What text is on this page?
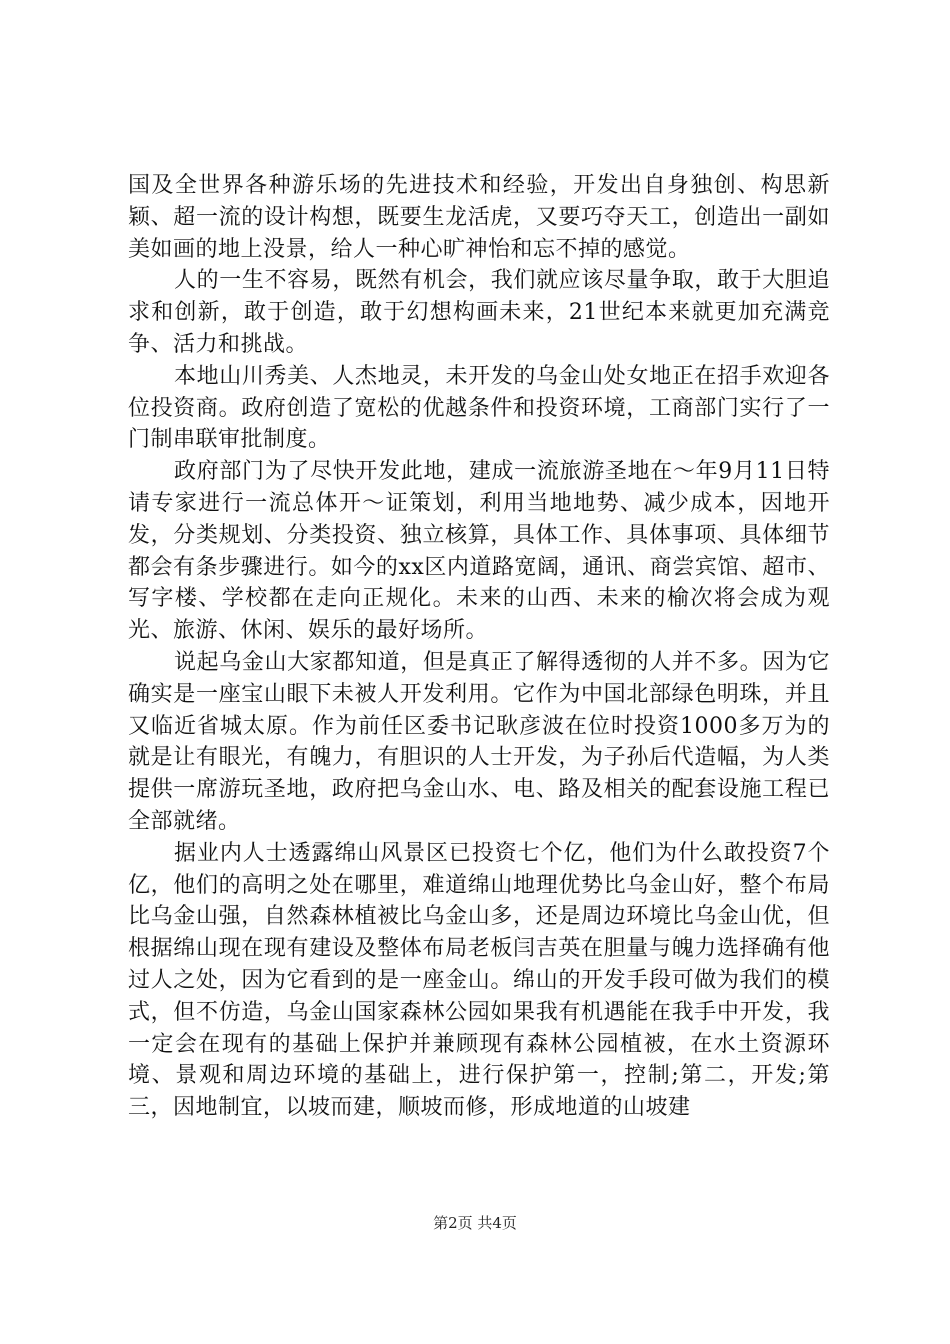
国及全世界各种游乐场的先进技术和经验，开发出自身独创、构思新颖、超一流的设计构想，既要生龙活虎，又要巧夺天工，创造出一副如美如画的地上没景，给人一种心旷神怡和忘不掉的感觉。

人的一生不容易，既然有机会，我们就应该尽量争取，敢于大胆追求和创新，敢于创造，敢于幻想构画未来，21世纪本来就更加充满竞争、活力和挑战。

本地山川秀美、人杰地灵，未开发的乌金山处女地正在招手欢迎各位投资商。政府创造了宽松的优越条件和投资环境，工商部门实行了一门制串联审批制度。

政府部门为了尽快开发此地，建成一流旅游圣地在～年9月11日特请专家进行一流总体开～证策划，利用当地地势、减少成本，因地开发，分类规划、分类投资、独立核算，具体工作、具体事项、具体细节都会有条步骤进行。如今的xx区内道路宽阔，通讯、商尝宾馆、超市、写字楼、学校都在走向正规化。未来的山西、未来的榆次将会成为观光、旅游、休闲、娱乐的最好场所。

说起乌金山大家都知道，但是真正了解得透彻的人并不多。因为它确实是一座宝山眼下未被人开发利用。它作为中国北部绿色明珠，并且又临近省城太原。作为前任区委书记耿彦波在位时投资1000多万为的就是让有眼光，有魄力，有胆识的人士开发，为子孙后代造幅，为人类提供一席游玩圣地，政府把乌金山水、电、路及相关的配套设施工程已全部就绪。

据业内人士透露绵山风景区已投资七个亿，他们为什么敢投资7个亿，他们的高明之处在哪里，难道绵山地理优势比乌金山好，整个布局比乌金山强，自然森林植被比乌金山多，还是周边环境比乌金山优，但根据绵山现在现有建设及整体布局老板闫吉英在胆量与魄力选择确有他过人之处，因为它看到的是一座金山。绵山的开发手段可做为我们的模式，但不仿造，乌金山国家森林公园如果我有机遇能在我手中开发，我一定会在现有的基础上保护并兼顾现有森林公园植被，在水土资源环境、景观和周边环境的基础上，进行保护第一，控制;第二，开发;第三，因地制宜，以坡而建，顺坡而修，形成地道的山坡建

第2页 共4页
